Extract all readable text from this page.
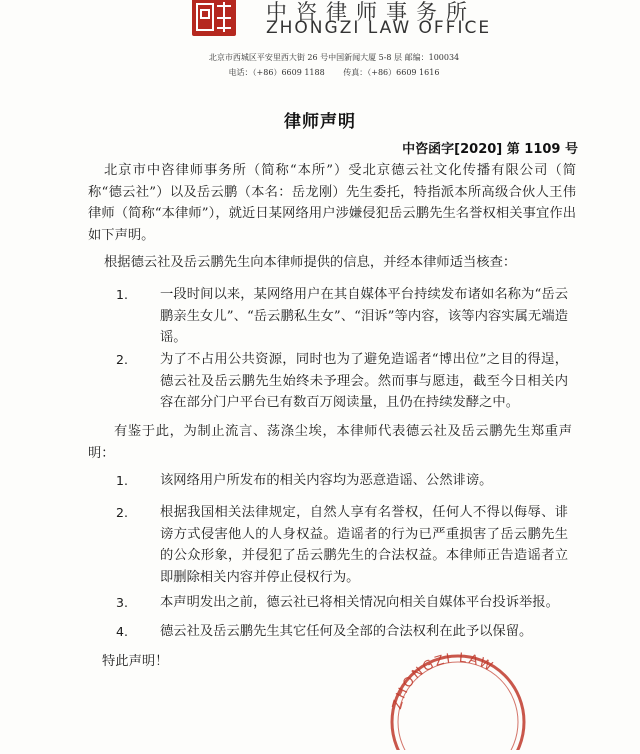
中咨律师事务所
ZHONGZI LAW OFFICE
北京市西城区平安里西大街 26 号中国新闻大厦 5-8 层 邮编：100034
电话：（+86）6609 1188 传真：（+86）6609 1616
律师声明
中咨函字[2020] 第 1109 号
北京市中咨律师事务所（简称“本所”）受北京德云社文化传播有限公司（简称“德云社”）以及岳云鹏（本名：岳龙刚）先生委托，特指派本所高级合伙人王伟律师（简称“本律师”），就近日某网络用户涉嫌侵犯岳云鹏先生名誉权相关事宜作出如下声明。
根据德云社及岳云鹏先生向本律师提供的信息，并经本律师适当核查：
1. 一段时间以来，某网络用户在其自媒体平台持续发布诸如名称为“岳云鹏亲生女儿”、“岳云鹏私生女”、“泪诉”等内容，该等内容实属无端造谣。
2. 为了不占用公共资源，同时也为了避免造谣者“博出位”之目的得逞，德云社及岳云鹏先生始终未予理会。然而事与愿违，截至今日相关内容在部分门户平台已有数百万阅读量，且仍在持续发酵之中。
有鉴于此，为制止流言、荡涤尘埃，本律师代表德云社及岳云鹏先生郑重声明：
1. 该网络用户所发布的相关内容均为恶意造谣、公然诽谤。
2. 根据我国相关法律规定，自然人享有名誉权，任何人不得以侮辱、诽谤方式侵害他人的人身权益。造谣者的行为已严重损害了岳云鹏先生的公众形象，并侵犯了岳云鹏先生的合法权益。本律师正告造谣者立即删除相关内容并停止侵权行为。
3. 本声明发出之前，德云社已将相关情况向相关自媒体平台投诉举报。
4. 德云社及岳云鹏先生其它任何及全部的合法权利在此予以保留。
特此声明！
ZHONGZI LAW
